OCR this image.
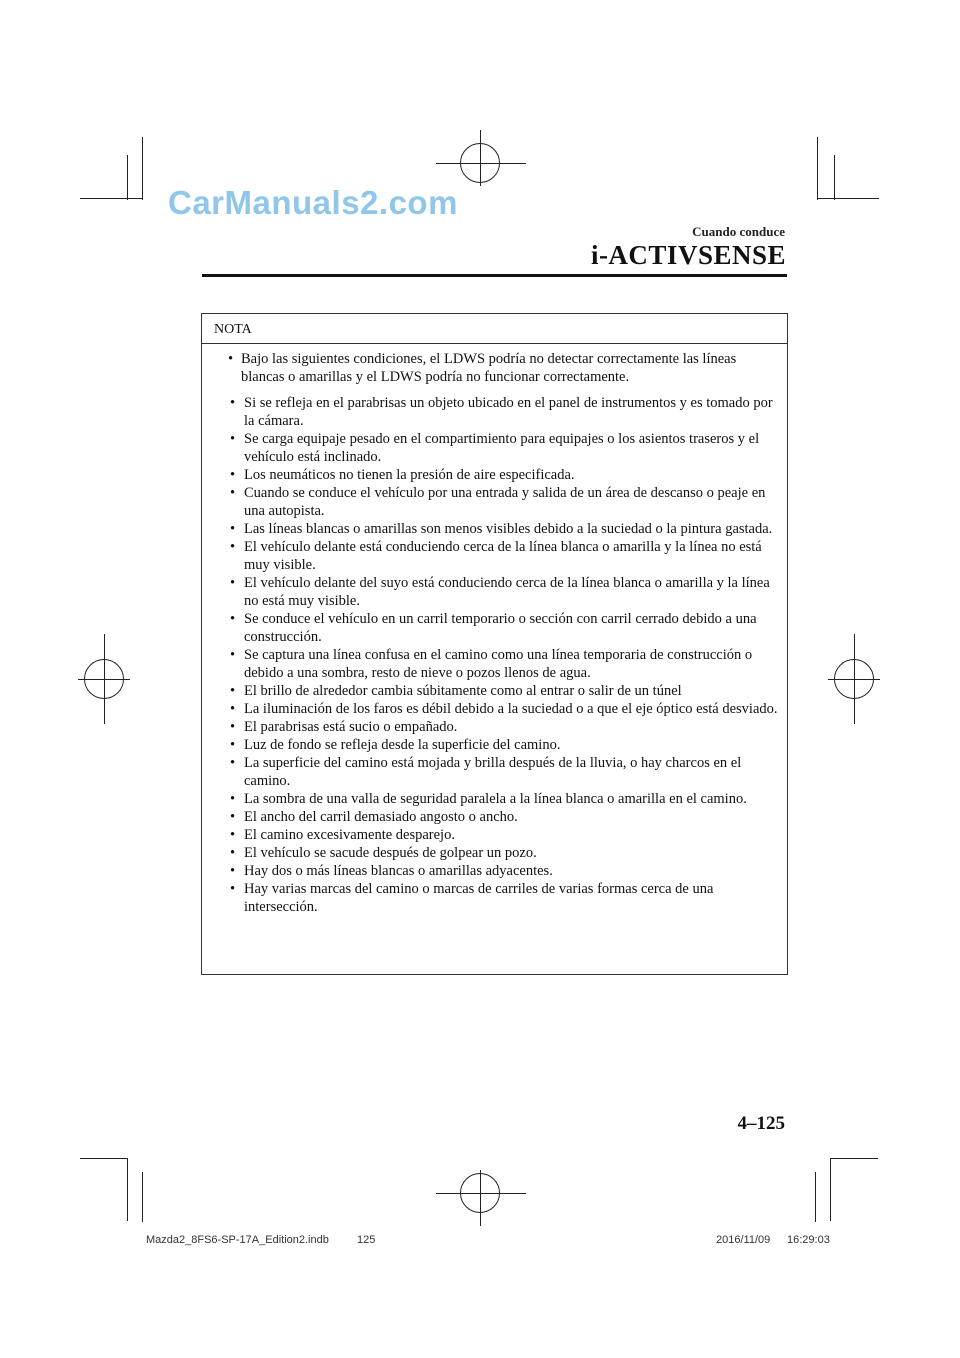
CarManuals2.com
Cuando conduce
i-ACTIVSENSE
NOTA
• Bajo las siguientes condiciones, el LDWS podría no detectar correctamente las líneas blancas o amarillas y el LDWS podría no funcionar correctamente.
• Si se refleja en el parabrisas un objeto ubicado en el panel de instrumentos y es tomado por la cámara.
• Se carga equipaje pesado en el compartimiento para equipajes o los asientos traseros y el vehículo está inclinado.
• Los neumáticos no tienen la presión de aire especificada.
• Cuando se conduce el vehículo por una entrada y salida de un área de descanso o peaje en una autopista.
• Las líneas blancas o amarillas son menos visibles debido a la suciedad o la pintura gastada.
• El vehículo delante está conduciendo cerca de la línea blanca o amarilla y la línea no está muy visible.
• El vehículo delante del suyo está conduciendo cerca de la línea blanca o amarilla y la línea no está muy visible.
• Se conduce el vehículo en un carril temporario o sección con carril cerrado debido a una construcción.
• Se captura una línea confusa en el camino como una línea temporaria de construcción o debido a una sombra, resto de nieve o pozos llenos de agua.
• El brillo de alrededor cambia súbitamente como al entrar o salir de un túnel
• La iluminación de los faros es débil debido a la suciedad o a que el eje óptico está desviado.
• El parabrisas está sucio o empañado.
• Luz de fondo se refleja desde la superficie del camino.
• La superficie del camino está mojada y brilla después de la lluvia, o hay charcos en el camino.
• La sombra de una valla de seguridad paralela a la línea blanca o amarilla en el camino.
• El ancho del carril demasiado angosto o ancho.
• El camino excesivamente desparejo.
• El vehículo se sacude después de golpear un pozo.
• Hay dos o más líneas blancas o amarillas adyacentes.
• Hay varias marcas del camino o marcas de carriles de varias formas cerca de una intersección.
4–125
Mazda2_8FS6-SP-17A_Edition2.indb	125	2016/11/09 16:29:03
